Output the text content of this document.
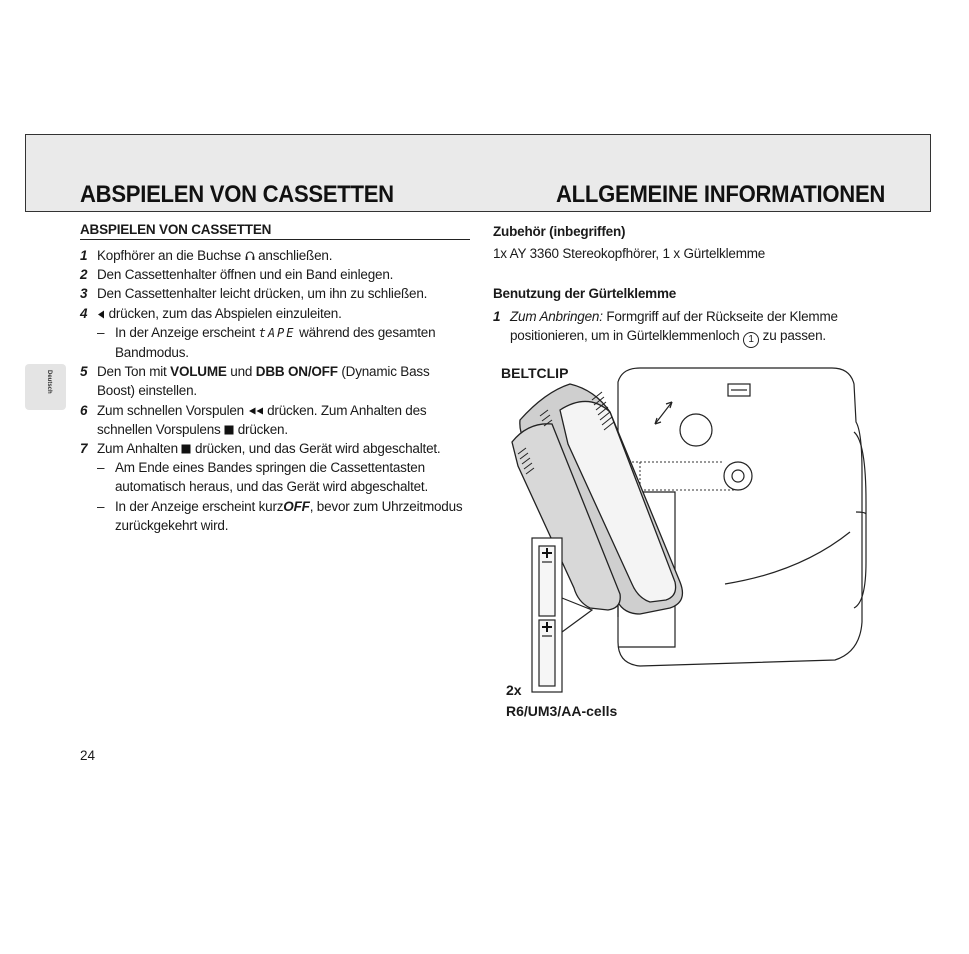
ABSPIELEN VON CASSETTEN	ALLGEMEINE INFORMATIONEN
Deutsch

ABSPIELEN VON CASSETTEN

1 Kopfhörer an die Buchse anschließen.
2 Den Cassettenhalter öffnen und ein Band einlegen.
3 Den Cassettenhalter leicht drücken, um ihn zu schließen.
4 drücken, zum das Abspielen einzuleiten.
– In der Anzeige erscheint tAPE während des gesamten Bandmodus.
5 Den Ton mit VOLUME und DBB ON/OFF (Dynamic Bass Boost) einstellen.
6 Zum schnellen Vorspulen drücken. Zum Anhalten des schnellen Vorspulens drücken.
7 Zum Anhalten drücken, und das Gerät wird abgeschaltet.
– Am Ende eines Bandes springen die Cassettentasten automatisch heraus, und das Gerät wird abgeschaltet.
– In der Anzeige erscheint kurzOFF, bevor zum Uhrzeitmodus zurückgekehrt wird.

Zubehör (inbegriffen)

1x AY 3360 Stereokopfhörer, 1 x Gürtelklemme

Benutzung der Gürtelklemme

1 Zum Anbringen: Formgriff auf der Rückseite der Klemme positionieren, um in Gürtelklemmenloch 1 zu passen.
BELTCLIP
2x
R6/UM3/AA-cells
24
